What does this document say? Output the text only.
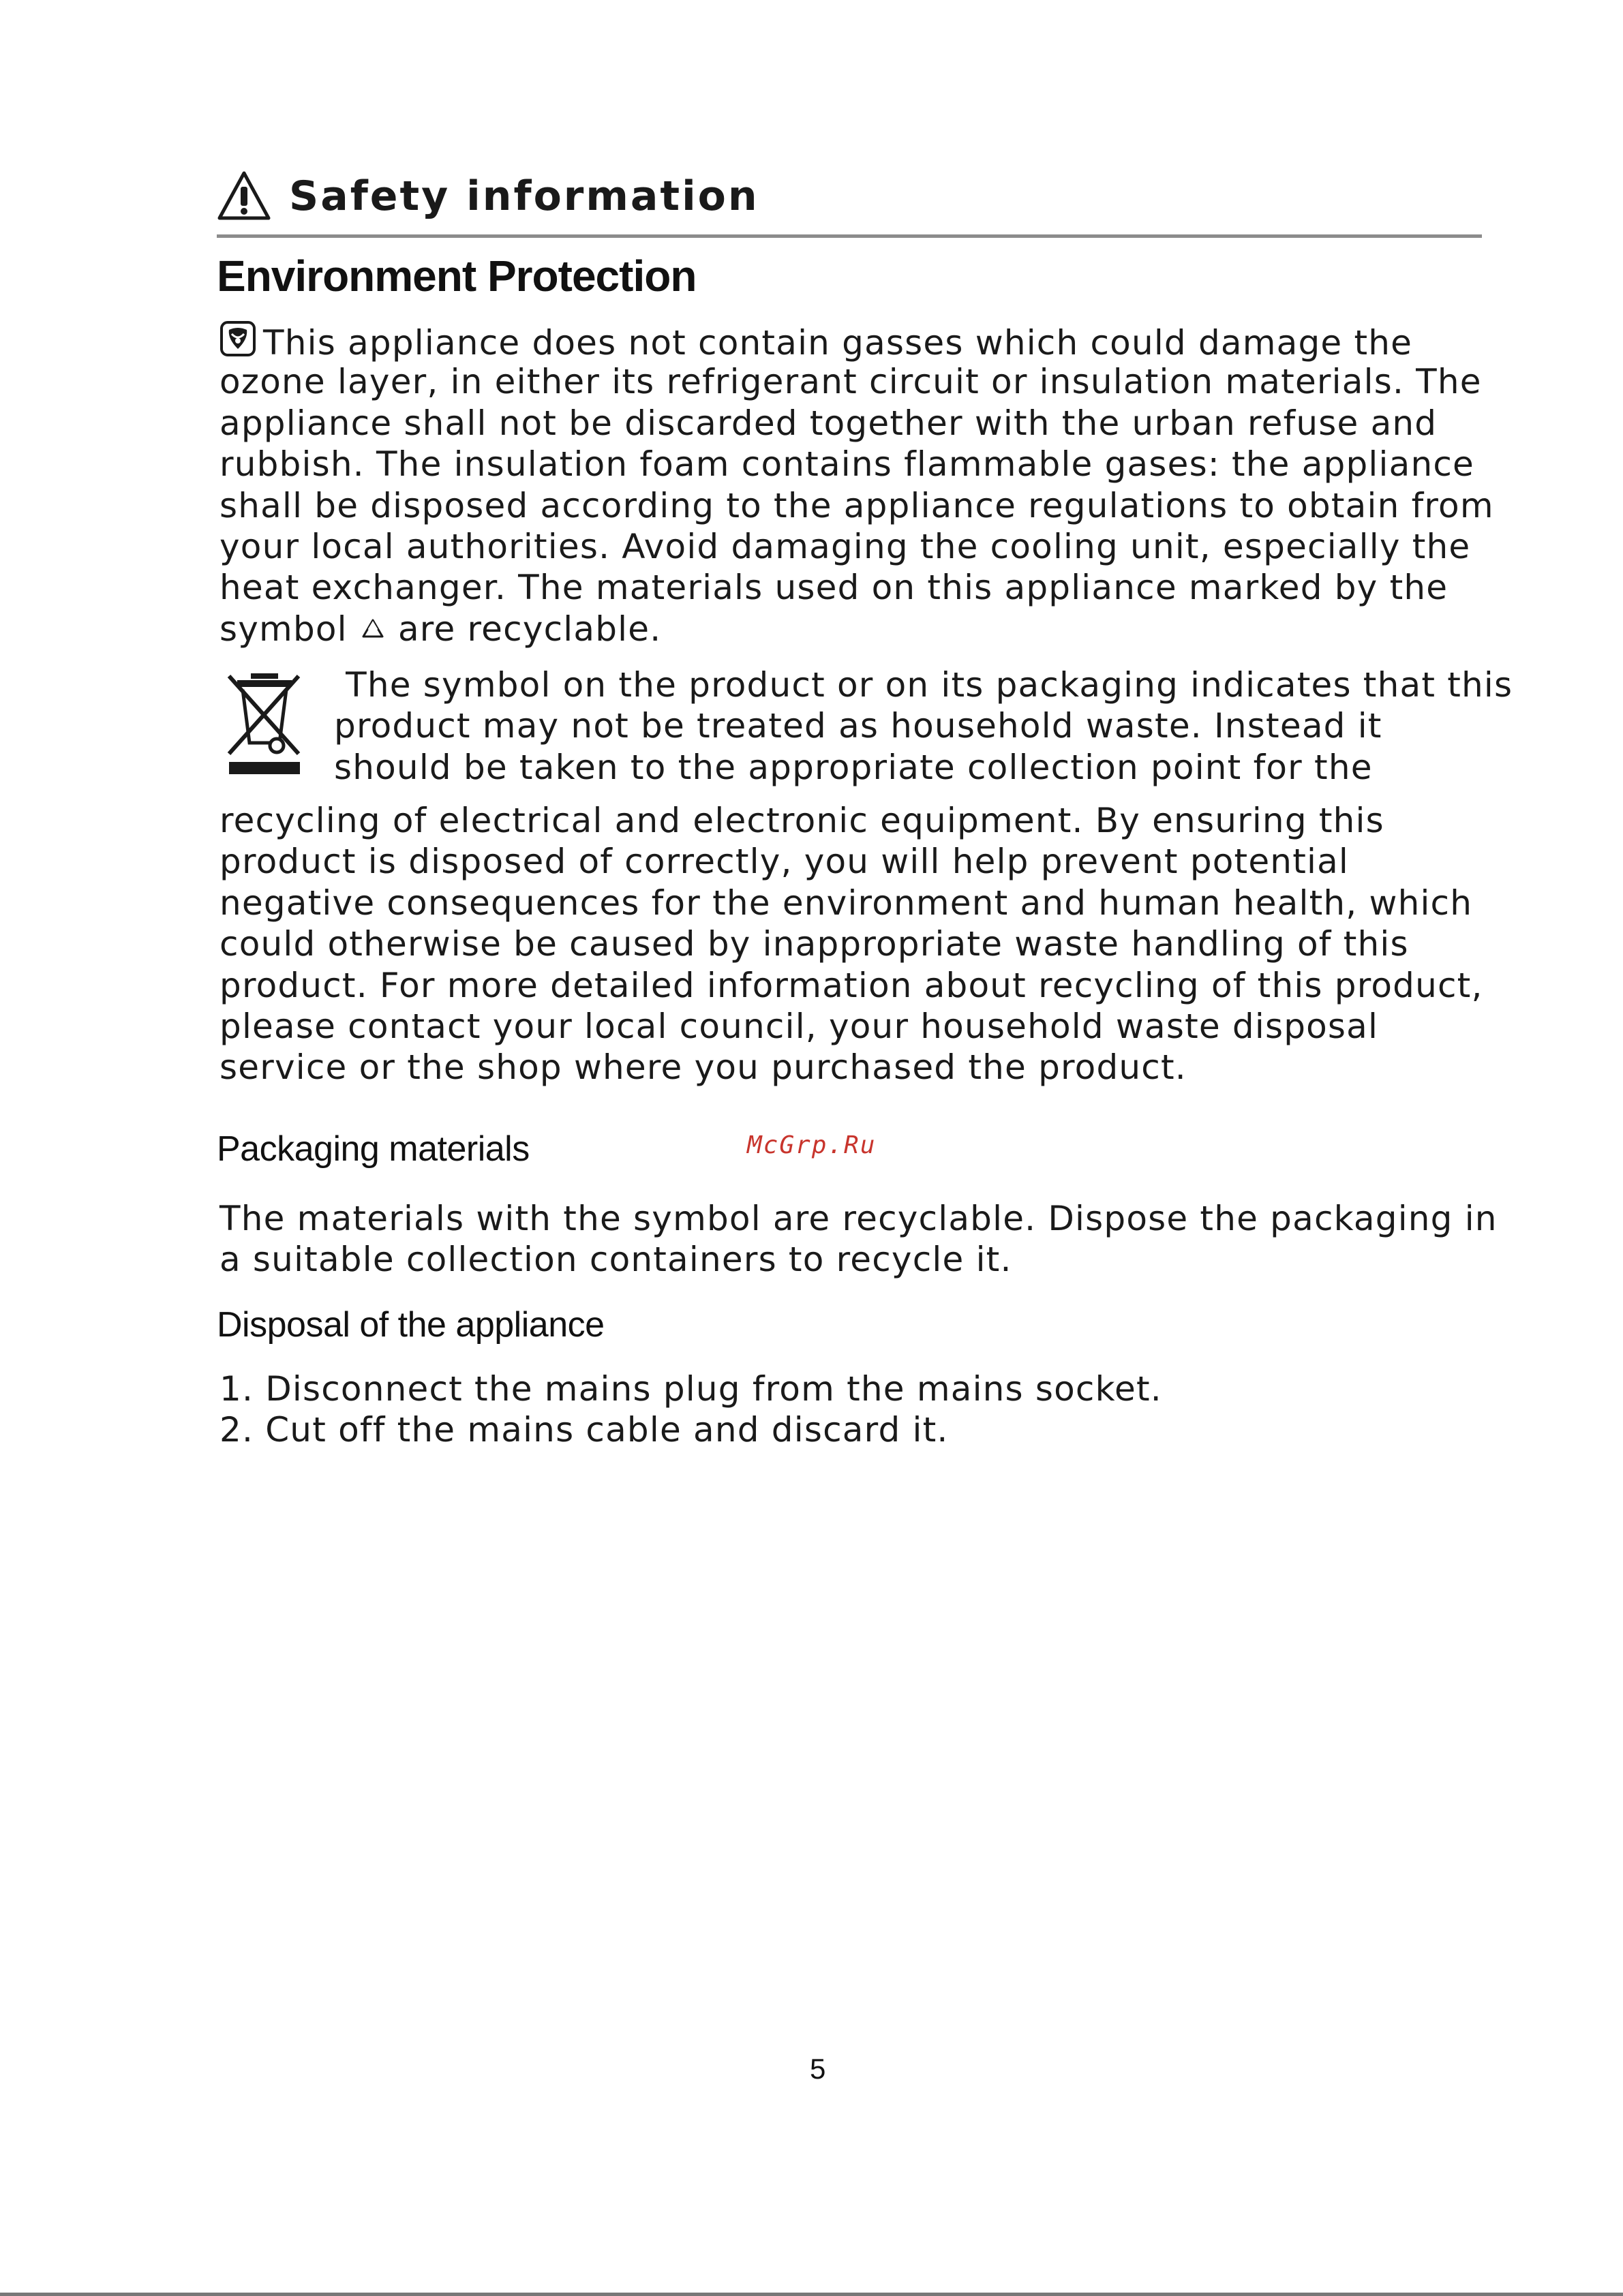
Safety information
Environment Protection
This appliance does not contain gasses which could damage the
ozone layer, in either its refrigerant circuit or insulation materials. The
appliance shall not be discarded together with the urban refuse and
rubbish. The insulation foam contains flammable gases: the appliance
shall be disposed according to the appliance regulations to obtain from
your local authorities. Avoid damaging the cooling unit, especially the
heat exchanger. The materials used on this appliance marked by the
symbol are recyclable.
The symbol on the product or on its packaging indicates that this
product may not be treated as household waste. Instead it
should be taken to the appropriate collection point for the
recycling of electrical and electronic equipment. By ensuring this
product is disposed of correctly, you will help prevent potential
negative consequences for the environment and human health, which
could otherwise be caused by inappropriate waste handling of this
product. For more detailed information about recycling of this product,
please contact your local council, your household waste disposal
service or the shop where you purchased the product.
Packaging materials	McGrp.Ru
The materials with the symbol are recyclable. Dispose the packaging in
a suitable collection containers to recycle it.
Disposal of the appliance
1. Disconnect the mains plug from the mains socket.
2. Cut off the mains cable and discard it.
5
